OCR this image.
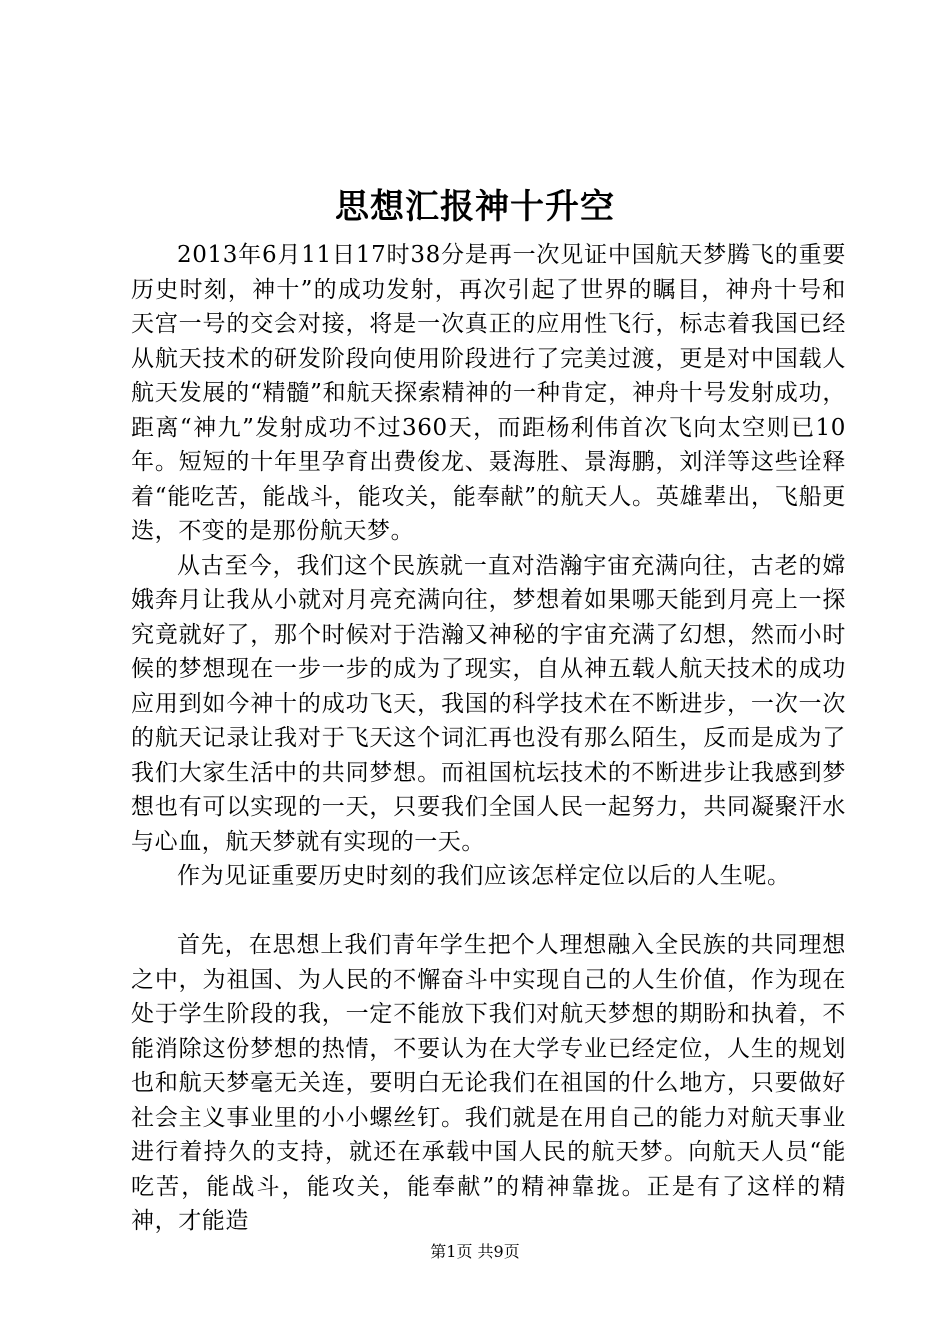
思想汇报神十升空

2013年6月11日17时38分是再一次见证中国航天梦腾飞的重要历史时刻，神十”的成功发射，再次引起了世界的瞩目，神舟十号和天宫一号的交会对接，将是一次真正的应用性飞行，标志着我国已经从航天技术的研发阶段向使用阶段进行了完美过渡，更是对中国载人航天发展的“精髓”和航天探索精神的一种肯定，神舟十号发射成功，距离“神九”发射成功不过360天，而距杨利伟首次飞向太空则已10年。短短的十年里孕育出费俊龙、聂海胜、景海鹏，刘洋等这些诠释着“能吃苦，能战斗，能攻关，能奉献”的航天人。英雄辈出，飞船更迭，不变的是那份航天梦。

从古至今，我们这个民族就一直对浩瀚宇宙充满向往，古老的嫦娥奔月让我从小就对月亮充满向往，梦想着如果哪天能到月亮上一探究竟就好了，那个时候对于浩瀚又神秘的宇宙充满了幻想，然而小时候的梦想现在一步一步的成为了现实，自从神五载人航天技术的成功应用到如今神十的成功飞天，我国的科学技术在不断进步，一次一次的航天记录让我对于飞天这个词汇再也没有那么陌生，反而是成为了我们大家生活中的共同梦想。而祖国杭坛技术的不断进步让我感到梦想也有可以实现的一天，只要我们全国人民一起努力，共同凝聚汗水与心血，航天梦就有实现的一天。

作为见证重要历史时刻的我们应该怎样定位以后的人生呢。

首先，在思想上我们青年学生把个人理想融入全民族的共同理想之中，为祖国、为人民的不懈奋斗中实现自己的人生价值，作为现在处于学生阶段的我，一定不能放下我们对航天梦想的期盼和执着，不能消除这份梦想的热情，不要认为在大学专业已经定位，人生的规划也和航天梦毫无关连，要明白无论我们在祖国的什么地方，只要做好社会主义事业里的小小螺丝钉。我们就是在用自己的能力对航天事业进行着持久的支持，就还在承载中国人民的航天梦。向航天人员“能吃苦，能战斗，能攻关，能奉献”的精神靠拢。正是有了这样的精神，才能造

第1页 共9页
